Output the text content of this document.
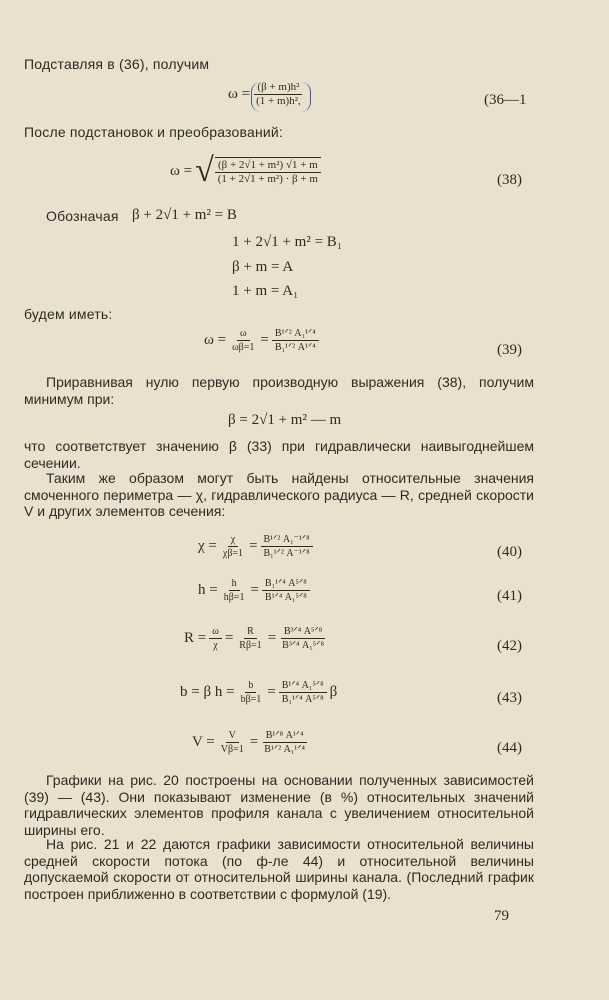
Подставляя в (36), получим
$\omega = \frac{\text{(β + m)h²}}{\text{(1 + m)h²,}}$	(36—1
После подстановок и преобразований:
ω = √ $\frac{\text{(β + 2√1 + m²) √1 + m}}{\text{(1 + 2√1 + m²) · β + m}}$	(38)
Обозначая β + 2√1 + m² = B
1 + 2√1 + m² = B₁
β + m = A
1 + m = A₁
будем иметь:
$\omega = \frac{\omega}{\omega\beta=1} = \frac{\text{B¹ᐟ² A₁¹ᐟ⁴}}{\text{B₁¹ᐟ² A¹ᐟ⁴}}$	(39)
Приравнивая нулю первую производную выражения (38), получим минимум при:
β = 2√1 + m² — m
что соответствует значению β (33) при гидравлически наивыгоднейшем сечении.
Таким же образом могут быть найдены относительные значения смоченного периметра — χ, гидравлического радиуса — R, средней скорости V и других элементов сечения:
$\chi = \frac{\chi}{\chi\beta=1} = \frac{\text{B¹ᐟ² A₁⁻¹ᐟ⁸}}{\text{B₁¹ᐟ² A⁻¹ᐟ⁸}}$	(40)
$h = \frac{h}{h\beta=1} = \frac{\text{B₁¹ᐟ⁴ A⁵ᐟ⁸}}{\text{B¹ᐟ⁴ A₁⁵ᐟ⁸}}$	(41)
$R = \frac{\omega}{\chi} = \frac{R}{R\beta=1} = \frac{\text{B³ᐟ⁴ A⁵ᐟ⁸}}{\text{B³ᐟ⁴ A₁⁵ᐟ⁸}}$	(42)
b = β $h = \frac{b}{b\beta=1} = \frac{\text{B¹ᐟ⁴ A₁⁵ᐟ⁸}}{\text{B₁¹ᐟ⁴ A⁵ᐟ⁸}}$ β	(43)
$V = \frac{V}{V\beta=1} = \frac{\text{B¹ᐟ⁸ A¹ᐟ⁴}}{\text{B¹ᐟ² A₁¹ᐟ⁴}}$	(44)
Графики на рис. 20 построены на основании полученных зависимостей (39) — (43). Они показывают изменение (в %) относительных значений гидравлических элементов профиля канала с увеличением относительной ширины его.
На рис. 21 и 22 даются графики зависимости относительной величины средней скорости потока (по ф-ле 44) и относительной величины допускаемой скорости от относительной ширины канала. (Последний график построен приближенно в соответствии с формулой (19).
79
